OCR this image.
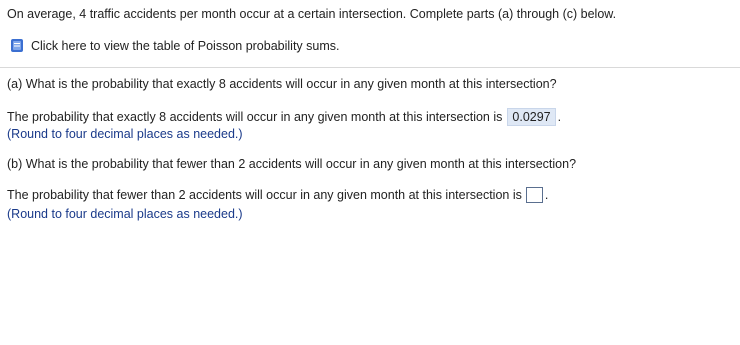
On average, 4 traffic accidents per month occur at a certain intersection. Complete parts (a) through (c) below.
Click here to view the table of Poisson probability sums.
(a) What is the probability that exactly 8 accidents will occur in any given month at this intersection?
The probability that exactly 8 accidents will occur in any given month at this intersection is 0.0297 .
(Round to four decimal places as needed.)
(b) What is the probability that fewer than 2 accidents will occur in any given month at this intersection?
The probability that fewer than 2 accidents will occur in any given month at this intersection is .
(Round to four decimal places as needed.)
